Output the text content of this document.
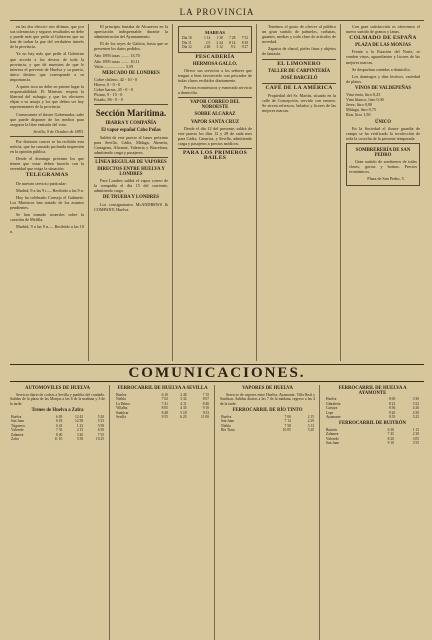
LA PROVINCIA

en las dos eleccio- nes últimas, que por sus tolerancias y seguros resultados no debe y puede más que pedir al Gobierno que no han de turbar la paz del verdadero interés de la provincia.

Ya no hay más que pedir al Gobierno que acceda a los deseos de toda la provincia, y que dé muestras de que le interesa el porvenir de Huelva y su puerto, único destino que corresponde a su importancia.

A quien toca no debe en primer lugar la responsabilidad: El Ministro respeta la libertad del sufragio y que los electores elijan a su antojo y los que deben ser hoy representantes de la provincia.

Consecuente el ilustre Gobernador, sabe que puede disponer de los medios para asegurar la libre emisión del voto.

Sevilla, 9 de Octubre de 1893.

Por distintos cauces se ha recibido esta noticia, que ha causado profunda impresión en la opinión pública.

Desde el domingo próximo los que tienen que votar deben hacerlo con la serenidad que exige la situación.

TELEGRAMAS

De nuestro servicio particular:

Madrid, 9 a las 9 t.— Recibido a las 9 n.

Hoy ha celebrado Consejo el Gabinete. Los Ministros han tratado de los asuntos pendientes.

Se han tomado acuerdos sobre la cuestión de Melilla.

Madrid, 9 a las 9 n.— Recibido a las 10 n.

El principio bastaba de Alcaravea en la apreciación indispensable durante la administración del Ayuntamiento.

El de los reyes de Galicia, hasta que se presenten los datos pedidos.

Año 1893 tasas ........ 13,70
Año 1895 tasas ........ 10,11
Valor..................... 3,59
MERCADO DE LONDRES
Cobre chileno, 42 - 10 - 0
Hierro, 0 - 0 - 0
Cobre barras, 45 - 0 - 0
Plomo, 9 - 15 - 0
Estaño, 86 - 0 - 0
Sección Marítima.
IBARRA Y COMPAÑÍA
El vapor español Cabo Peñas

Saldrá de este puerto el lunes próximo para Sevilla, Cádiz, Málaga, Almería, Cartagena, Alicante, Valencia y Barcelona, admitiendo carga y pasajeros.

LÍNEA REGULAR DE VAPORES
DIRECTOS ENTRE HUELVA Y LONDRES

Para Londres saldrá el vapor correo de la compañía el día 15 del corriente, admitiendo carga.

DE TRUEBA Y LONDRES

Los consignatarios McANDREWS & COMPANY, Huelva.

MAREAS
Día 10	1 14	1 38	7 28	7 52
Día 11	2 0	2 24	8 14	8 39
Día 12	2 48	3 12	9 2	9 27
PESCADERÍA
HERMOSA GALLO.

Ofrece sus servicios a los señores que tengan a bien favorecerle con pescados de todas clases recibidos diariamente.

Precios económicos y esmerado servicio a domicilio.

VAPOR CORREO DEL NOROESTE
SOBRE ALCARAZ
VAPOR SANTA CRUZ

Desde el día 12 del presente, saldrá de este puerto los días 12 y 28 de cada mes para Cádiz, Canarias, y Sevilla, admitiendo carga y pasajeros a precios módicos.

PARA LOS PRIMEROS BAILES

Tenemos el gusto de ofrecer al público un gran surtido de pañuelos, corbatas, guantes, medias y toda clase de artículos de novedad.

Zapatos de charol, pieles finas y objetos de fantasía.

EL LIMONERO
TALLER DE CARPINTERÍA
JOSÉ BARCELÓ
CAFÉ DE LA AMÉRICA

Propiedad del Sr. Martín, situado en la calle de Concepción, servido con esmero. Se sirven refrescos, helados y licores de las mejores marcas.

Con gran satisfacción os ofrecemos el nuevo surtido de granos y lanas.

COLMADO DE ESPAÑA
PLAZA DE LAS MONJAS

Frente a la Estación del Norte, se venden vinos, aguardientes y licores de las mejores marcas.

Se despachan comidas a domicilio.

Los domingos y días festivos, variedad de platos.

VINOS DE VALDEPEÑAS
Vino tinto, litro 0,25
Vino blanco, litro 0,30
Jerez, litro 0,90
Málaga, litro 0,75
Ron, litro 1,50
ÚNICO

En la Sociedad el ilustre guardia de campo se ha verificado la recolección de toda la cosecha de la presente temporada.

SOMBRERERÍA DE SAN PEDRO

Gran surtido de sombreros de todas clases, gorras y boinas. Precios económicos.

Plaza de San Pedro, 5.

COMUNICACIONES.
AUTOMÓVILES DE HUELVA

Servicio diario de coches a Sevilla y pueblos del condado. Salidas de la plaza de las Monjas a las 6 de la mañana y 3 de la tarde.

Trenes de Huelva a Zafra
Huelva	6 05	12 45	5 20
San Juan	6 18	12 58	5 33
Trigueros	6 43	1 23	5 58
Valverde	7 35	2 15	6 50
Zalamea	8 40	3 20	7 55
Zafra	11 10	5 50	10 25
FERROCARRIL DE HUELVA A SEVILLA
Huelva	6 10	2 40	7 15
Niebla	7 02	3 32	8 07
La Palma	7 41	4 11	8 46
Villalba	8 05	4 35	9 10
Sanlúcar	8 48	5 18	9 53
Sevilla	9 55	6 25	11 00
VAPORES DE HUELVA

Servicio de vapores entre Huelva, Ayamonte, Villa Real y Sanlúcar. Salidas diarias a las 7 de la mañana, regreso a las 4 de la tarde.

FERROCARRIL DE RÍO TINTO
Huelva	7 00	2 15
San Juan	7 14	2 29
Niebla	7 58	3 13
Río Tinto	10 05	5 20
FERROCARRIL DE HUELVA A AYAMONTE
Huelva	8 00	3 30
Gibraleón	8 22	3 52
Cartaya	8 56	4 26
Lepe	9 20	4 50
Ayamonte	9 55	5 25
FERROCARRIL DE BUITRÓN
Buitrón	6 30	1 15
Zalamea	7 45	2 30
Valverde	8 20	3 05
San Juan	9 10	3 55
